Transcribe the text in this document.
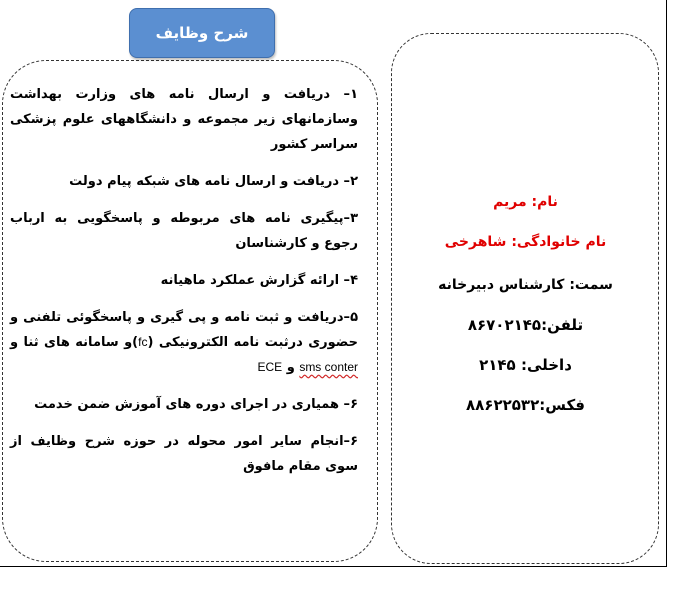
شرح وظایف
۱– دریافت و ارسال نامه های وزارت بهداشت وسازمانهای زیر مجموعه و دانشگاههای علوم پزشکی سراسر کشور
۲– دریافت و ارسال نامه های شبکه پیام دولت
۳–پیگیری نامه های مربوطه و پاسخگویی به ارباب رجوع و کارشناسان
۴– ارائه گزارش عملکرد ماهیانه
۵–دریافت و ثبت نامه و پی گیری و پاسخگوئی تلفنی و حضوری درثبت نامه الکترونیکی (fc)و سامانه های ثنا و sms conter و ECE
۶– همیاری در اجرای دوره های آموزش ضمن خدمت
۶–انجام سایر امور محوله در حوزه شرح وظایف از سوی مقام مافوق
نام: مریم
نام خانوادگی: شاهرخی
سمت: کارشناس دبیرخانه
تلفن:۸۶۷۰۲۱۴۵
داخلی: ۲۱۴۵
فکس:۸۸۶۲۲۵۳۲
